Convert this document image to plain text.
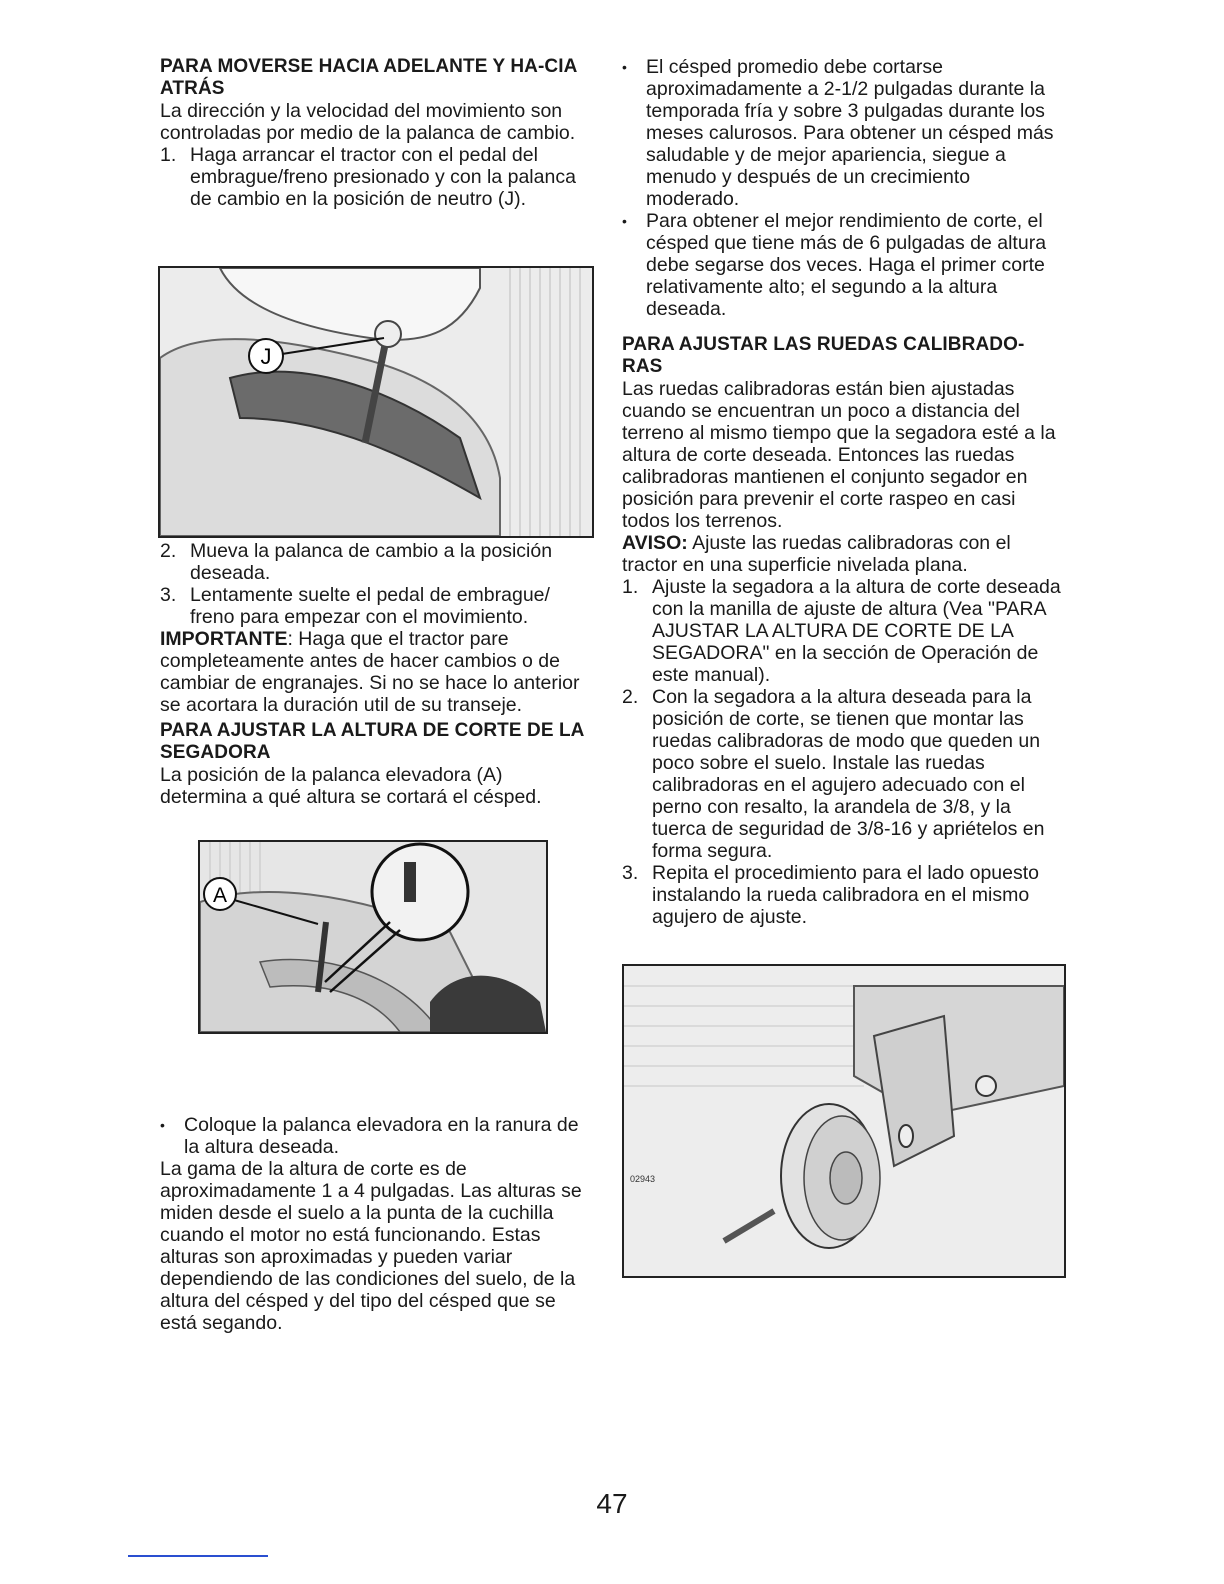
PARA MOVERSE HACIA ADELANTE Y HA-CIA ATRÁS

La dirección y la velocidad del movimiento son controladas por medio de la palanca de cambio.

1. Haga arrancar el tractor con el pedal del embrague/freno presionado y con la palanca de cambio en la posición de neutro (J).
J
2. Mueva la palanca de cambio a la posición deseada.
3. Lentamente suelte el pedal de embrague/ freno para empezar con el movimiento.

IMPORTANTE: Haga que el tractor pare completeamente antes de hacer cambios o de cambiar de engranajes. Si no se hace lo anterior se acortara la duración util de su transeje.

PARA AJUSTAR LA ALTURA DE CORTE DE LA SEGADORA

La posición de la palanca elevadora (A) determina a qué altura se cortará el césped.

A
• Coloque la palanca elevadora en la ranura de la altura deseada.

La gama de la altura de corte es de aproximadamente 1 a 4 pulgadas. Las alturas se miden desde el suelo a la punta de la cuchilla cuando el motor no está funcionando. Estas alturas son aproximadas y pueden variar dependiendo de las condiciones del suelo, de la altura del césped y del tipo del césped que se está segando.

• El césped promedio debe cortarse aproximadamente a 2-1/2 pulgadas durante la temporada fría y sobre 3 pulgadas durante los meses calurosos. Para obtener un césped más saludable y de mejor apariencia, siegue a menudo y después de un crecimiento moderado.
• Para obtener el mejor rendimiento de corte, el césped que tiene más de 6 pulgadas de altura debe segarse dos veces. Haga el primer corte relativamente alto; el segundo a la altura deseada.
PARA AJUSTAR LAS RUEDAS CALIBRADO-RAS

Las ruedas calibradoras están bien ajustadas cuando se encuentran un poco a distancia del terreno al mismo tiempo que la segadora esté a la altura de corte deseada. Entonces las ruedas calibradoras mantienen el conjunto segador en posición para prevenir el corte raspeo en casi todos los terrenos.

AVISO: Ajuste las ruedas calibradoras con el tractor en una superficie nivelada plana.

1. Ajuste la segadora a la altura de corte deseada con la manilla de ajuste de altura (Vea "PARA AJUSTAR LA ALTURA DE CORTE DE LA SEGADORA" en la sección de Operación de este manual).
2. Con la segadora a la altura deseada para la posición de corte, se tienen que montar las ruedas calibradoras de modo que queden un poco sobre el suelo. Instale las ruedas calibradoras en el agujero adecuado con el perno con resalto, la arandela de 3/8, y la tuerca de seguridad de 3/8-16 y apriételos en forma segura.
3. Repita el procedimiento para el lado opuesto instalando la rueda calibradora en el mismo agujero de ajuste.
02943
47
